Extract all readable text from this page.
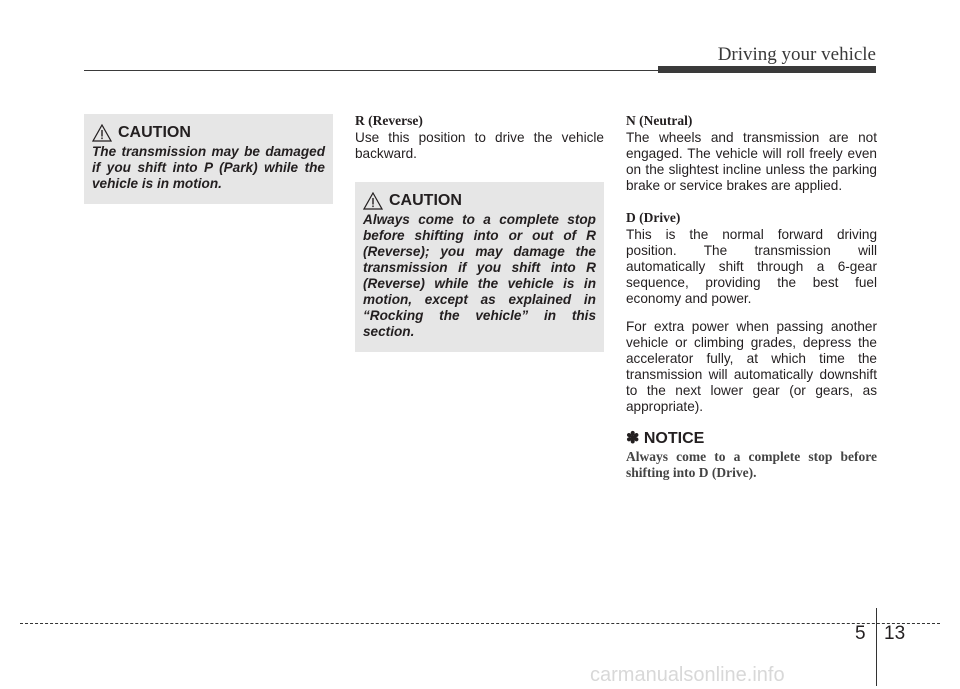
Driving your vehicle
CAUTION
The transmission may be damaged if you shift into P (Park) while the vehicle is in motion.

R (Reverse)

Use this position to drive the vehicle backward.

CAUTION
Always come to a complete stop before shifting into or out of R (Reverse); you may damage the transmission if you shift into R (Reverse) while the vehicle is in motion, except as explained in “Rocking the vehicle” in this section.

N (Neutral)

The wheels and transmission are not engaged. The vehicle will roll freely even on the slightest incline unless the parking brake or service brakes are applied.

D (Drive)

This is the normal forward driving position. The transmission will automatically shift through a 6-gear sequence, providing the best fuel economy and power.

For extra power when passing another vehicle or climbing grades, depress the accelerator fully, at which time the transmission will automatically downshift to the next lower gear (or gears, as appropriate).

✽ NOTICE
Always come to a complete stop before shifting into D (Drive).
5 13
carmanualsonline.info
